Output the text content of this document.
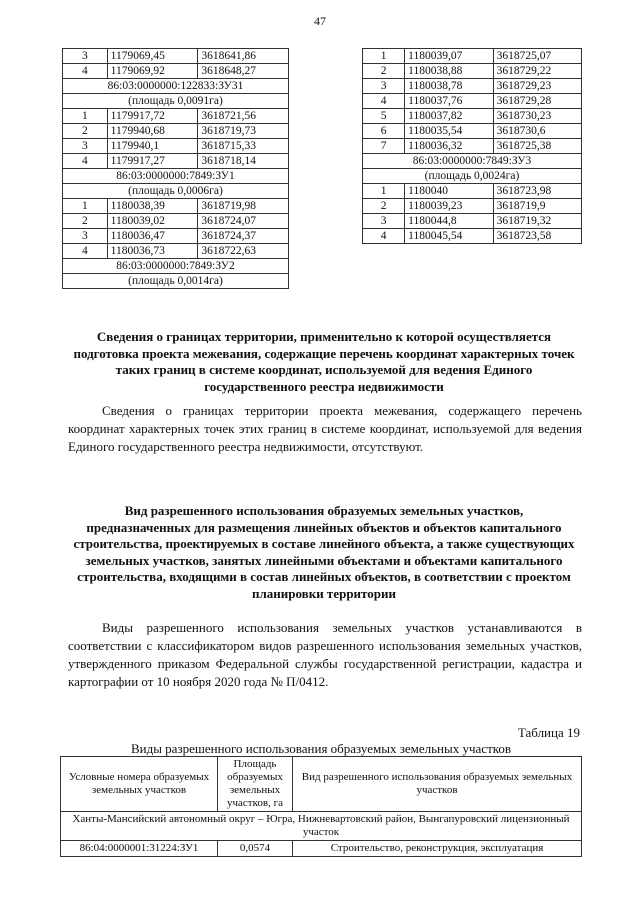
47
3	1179069,45	3618641,86
4	1179069,92	3618648,27
86:03:0000000:122833:ЗУ31		
(площадь 0,0091га)		
1	1179917,72	3618721,56
2	1179940,68	3618719,73
3	1179940,1	3618715,33
4	1179917,27	3618718,14
86:03:0000000:7849:ЗУ1		
(площадь 0,0006га)		
1	1180038,39	3618719,98
2	1180039,02	3618724,07
3	1180036,47	3618724,37
4	1180036,73	3618722,63
86:03:0000000:7849:ЗУ2		
(площадь 0,0014га)		
1	1180039,07	3618725,07
2	1180038,88	3618729,22
3	1180038,78	3618729,23
4	1180037,76	3618729,28
5	1180037,82	3618730,23
6	1180035,54	3618730,6
7	1180036,32	3618725,38
86:03:0000000:7849:ЗУ3		
(площадь 0,0024га)		
1	1180040	3618723,98
2	1180039,23	3618719,9
3	1180044,8	3618719,32
4	1180045,54	3618723,58

Сведения о границах территории, применительно к которой осуществляется подготовка проекта межевания, содержащие перечень координат характерных точек таких границ в системе координат, используемой для ведения Единого государственного реестра недвижимости

Сведения о границах территории проекта межевания, содержащего перечень координат характерных точек этих границ в системе координат, используемой для ведения Единого государственного реестра недвижимости, отсутствуют.

Вид разрешенного использования образуемых земельных участков, предназначенных для размещения линейных объектов и объектов капитального строительства, проектируемых в составе линейного объекта, а также существующих земельных участков, занятых линейными объектами и объектами капитального строительства, входящими в состав линейных объектов, в соответствии с проектом планировки территории

Виды разрешенного использования земельных участков устанавливаются в соответствии с классификатором видов разрешенного использования земельных участков, утвержденного приказом Федеральной службы государственной регистрации, кадастра и картографии от 10 ноября 2020 года № П/0412.

Таблица 19
Виды разрешенного использования образуемых земельных участков
Условные номера образуемых земельных участков	Площадь образуемых земельных участков, га	Вид разрешенного использования образуемых земельных участков
Ханты-Мансийский автономный округ – Югра, Нижневартовский район, Вынгапуровский лицензионный участок		
86:04:0000001:31224:ЗУ1	0,0574	Строительство, реконструкция, эксплуатация
